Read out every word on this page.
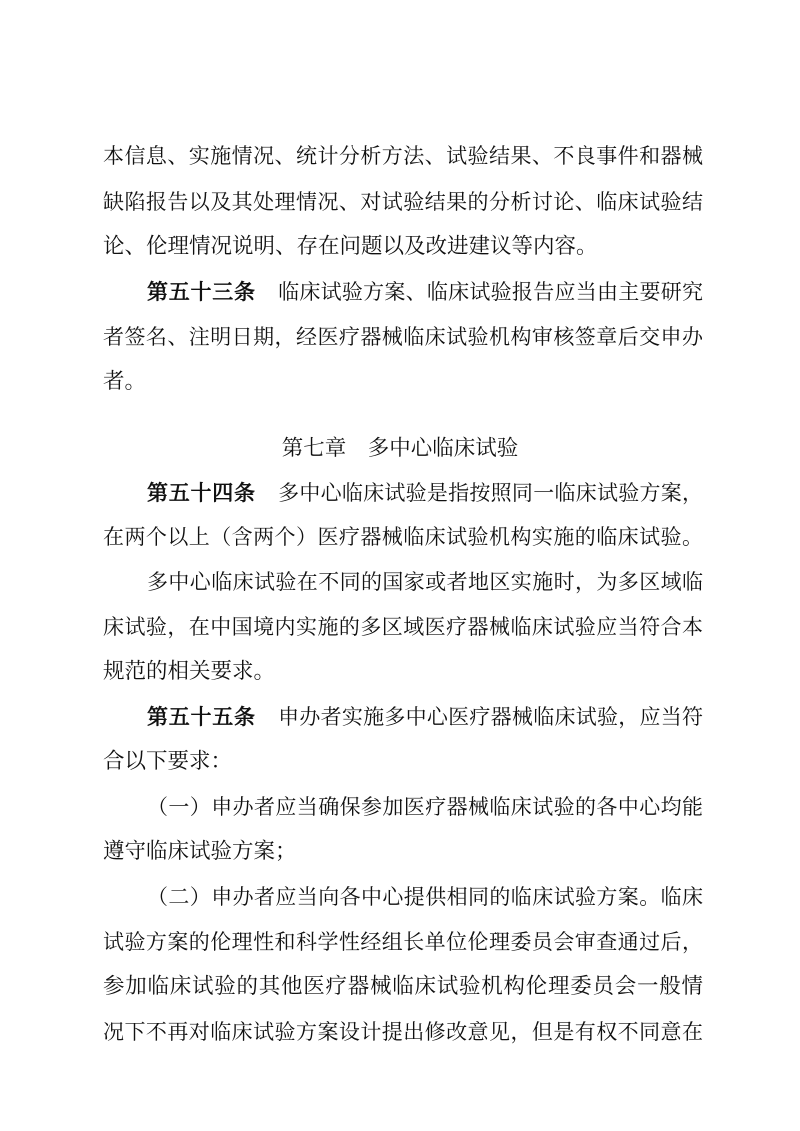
本信息、实施情况、统计分析方法、试验结果、不良事件和器械
缺陷报告以及其处理情况、对试验结果的分析讨论、临床试验结
论、伦理情况说明、存在问题以及改进建议等内容。
第五十三条 临床试验方案、临床试验报告应当由主要研究
者签名、注明日期，经医疗器械临床试验机构审核签章后交申办
者。
第七章　多中心临床试验
第五十四条 多中心临床试验是指按照同一临床试验方案，
在两个以上（含两个）医疗器械临床试验机构实施的临床试验。
多中心临床试验在不同的国家或者地区实施时，为多区域临
床试验，在中国境内实施的多区域医疗器械临床试验应当符合本
规范的相关要求。
第五十五条 申办者实施多中心医疗器械临床试验，应当符
合以下要求：
（一）申办者应当确保参加医疗器械临床试验的各中心均能
遵守临床试验方案；
（二）申办者应当向各中心提供相同的临床试验方案。临床
试验方案的伦理性和科学性经组长单位伦理委员会审查通过后，
参加临床试验的其他医疗器械临床试验机构伦理委员会一般情
况下不再对临床试验方案设计提出修改意见，但是有权不同意在
